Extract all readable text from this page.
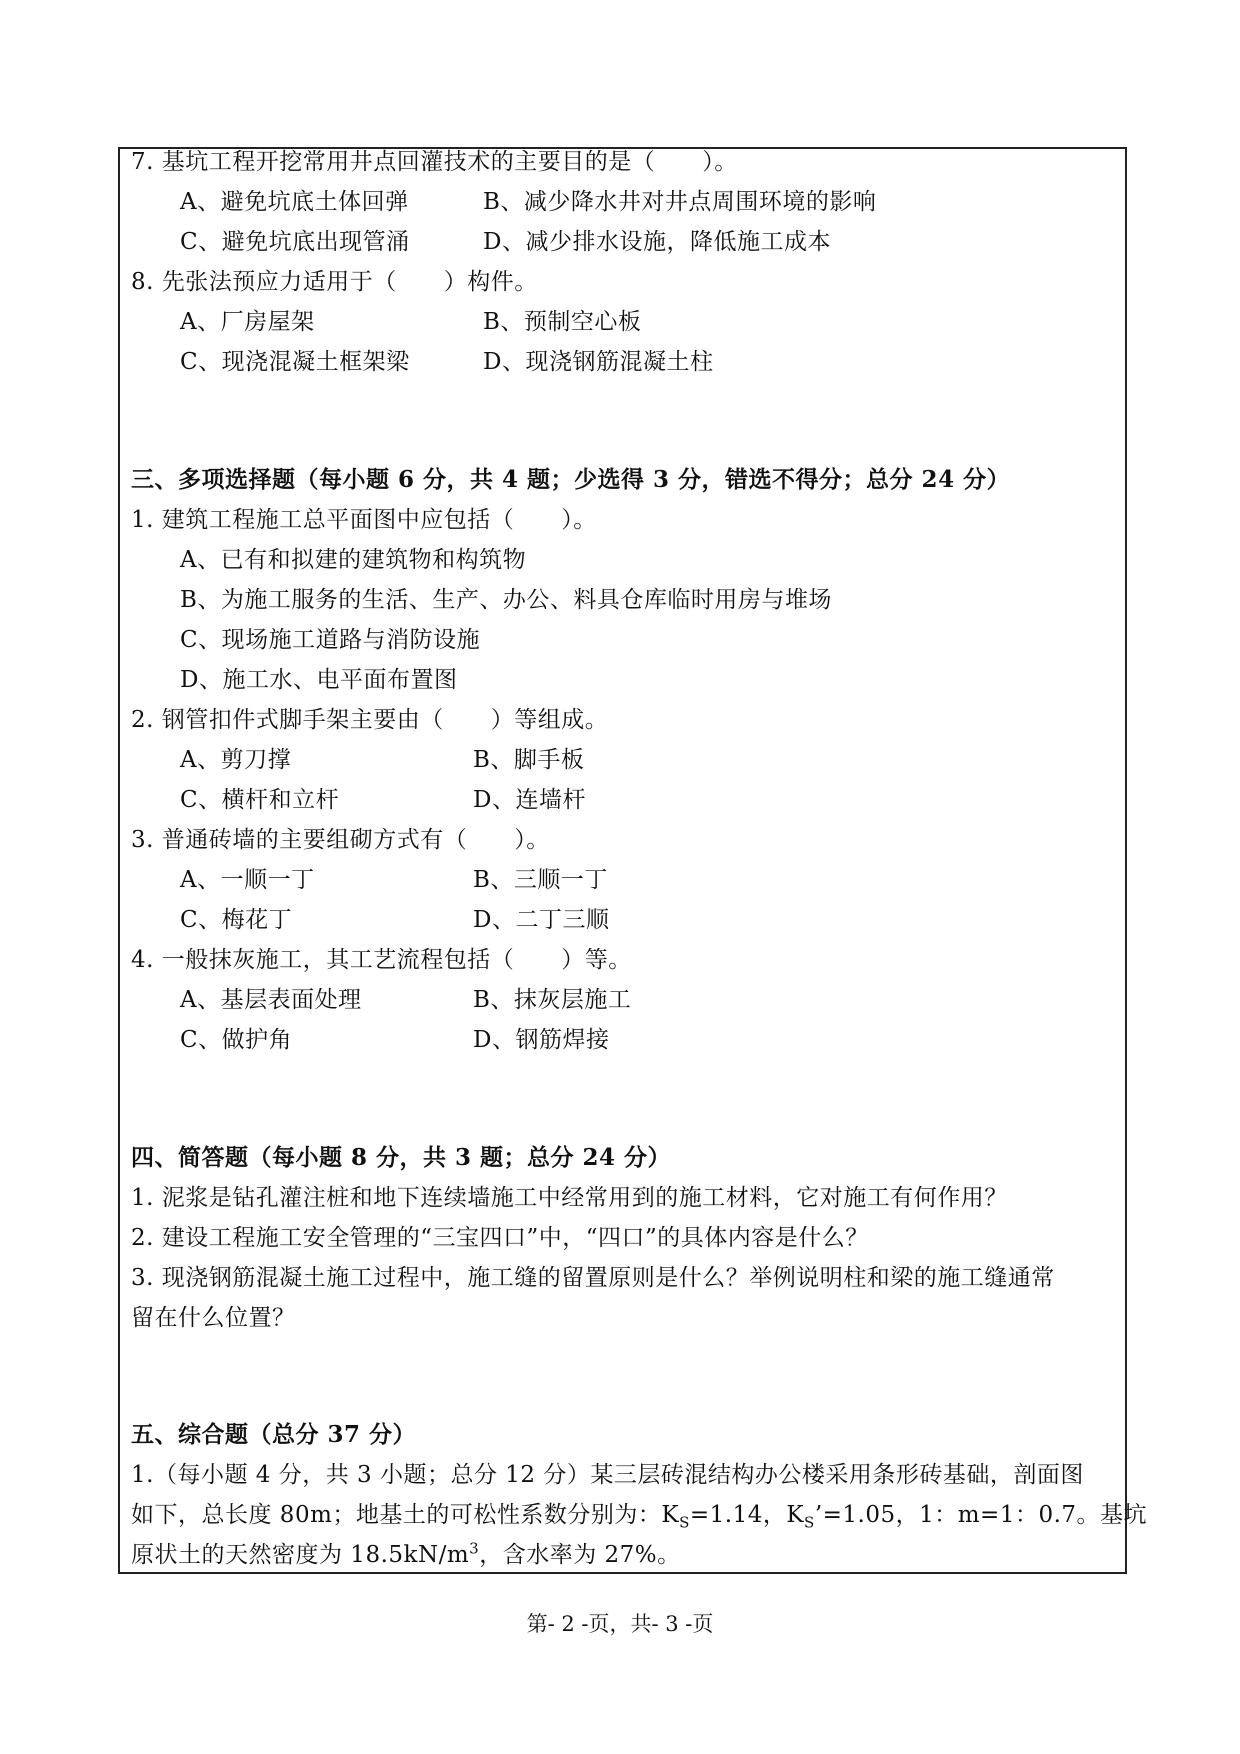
7. 基坑工程开挖常用井点回灌技术的主要目的是（　　）。
A、避免坑底土体回弹	B、减少降水井对井点周围环境的影响
C、避免坑底出现管涌	D、减少排水设施，降低施工成本
8. 先张法预应力适用于（　　）构件。
A、厂房屋架	B、预制空心板
C、现浇混凝土框架梁	D、现浇钢筋混凝土柱
三、多项选择题（每小题 6 分，共 4 题；少选得 3 分，错选不得分；总分 24 分）
1. 建筑工程施工总平面图中应包括（　　）。
A、已有和拟建的建筑物和构筑物
B、为施工服务的生活、生产、办公、料具仓库临时用房与堆场
C、现场施工道路与消防设施
D、施工水、电平面布置图
2. 钢管扣件式脚手架主要由（　　）等组成。
A、剪刀撑	B、脚手板
C、横杆和立杆	D、连墙杆
3. 普通砖墙的主要组砌方式有（　　）。
A、一顺一丁	B、三顺一丁
C、梅花丁	D、二丁三顺
4. 一般抹灰施工，其工艺流程包括（　　）等。
A、基层表面处理	B、抹灰层施工
C、做护角	D、钢筋焊接
四、简答题（每小题 8 分，共 3 题；总分 24 分）
1. 泥浆是钻孔灌注桩和地下连续墙施工中经常用到的施工材料，它对施工有何作用？
2. 建设工程施工安全管理的“三宝四口”中，“四口”的具体内容是什么？
3. 现浇钢筋混凝土施工过程中，施工缝的留置原则是什么？举例说明柱和梁的施工缝通常
留在什么位置？
五、综合题（总分 37 分）
1.（每小题 4 分，共 3 小题；总分 12 分）某三层砖混结构办公楼采用条形砖基础，剖面图
如下，总长度 80m；地基土的可松性系数分别为：$K_S=1.14$，$K_S’=1.05$，1：m=1：0.7。基坑
原状土的天然密度为 $18.5kN/m^3$，含水率为 27%。
第- 2 -页，共- 3 -页
